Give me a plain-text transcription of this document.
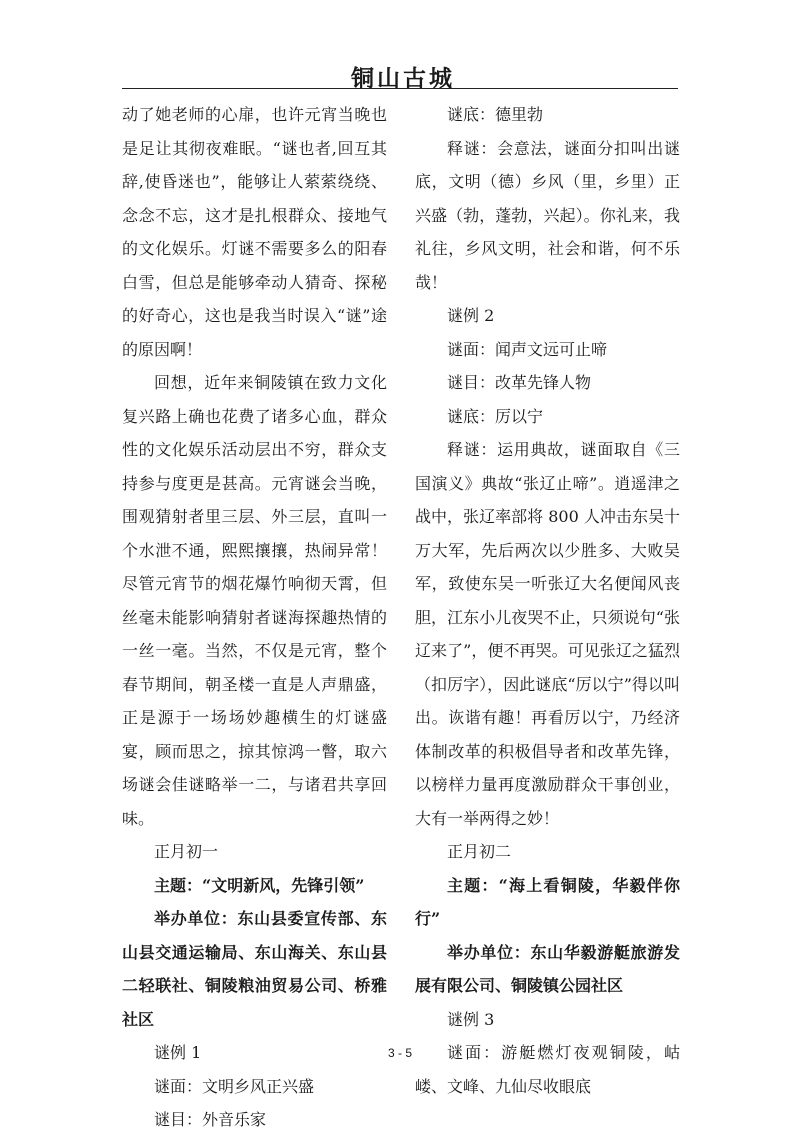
铜山古城

动了她老师的心扉，也许元宵当晚也是足让其彻夜难眠。“谜也者,回互其辞,使昏迷也”，能够让人萦萦绕绕、念念不忘，这才是扎根群众、接地气的文化娱乐。灯谜不需要多么的阳春白雪，但总是能够牵动人猜奇、探秘的好奇心，这也是我当时误入“谜”途的原因啊！

回想，近年来铜陵镇在致力文化复兴路上确也花费了诸多心血，群众性的文化娱乐活动层出不穷，群众支持参与度更是甚高。元宵谜会当晚，围观猜射者里三层、外三层，直叫一个水泄不通，熙熙攘攘，热闹异常！尽管元宵节的烟花爆竹响彻天霄，但丝毫未能影响猜射者谜海探趣热情的一丝一毫。当然，不仅是元宵，整个春节期间，朝圣楼一直是人声鼎盛，正是源于一场场妙趣横生的灯谜盛宴，顾而思之，掠其惊鸿一瞥，取六场谜会佳谜略举一二，与诸君共享回味。

正月初一

主题：“文明新风，先锋引领”

举办单位：东山县委宣传部、东山县交通运输局、东山海关、东山县二轻联社、铜陵粮油贸易公司、桥雅社区

谜例 1

谜面：文明乡风正兴盛

谜目：外音乐家

谜底：德里勃

释谜：会意法，谜面分扣叫出谜底，文明（德）乡风（里，乡里）正兴盛（勃，蓬勃，兴起）。你礼来，我礼往，乡风文明，社会和谐，何不乐哉！

谜例 2

谜面：闻声文远可止啼

谜目：改革先锋人物

谜底：厉以宁

释谜：运用典故，谜面取自《三国演义》典故“张辽止啼”。逍遥津之战中，张辽率部将 800 人冲击东吴十万大军，先后两次以少胜多、大败吴军，致使东吴一听张辽大名便闻风丧胆，江东小儿夜哭不止，只须说句“张辽来了”，便不再哭。可见张辽之猛烈（扣厉字），因此谜底“厉以宁”得以叫出。诙谐有趣！再看厉以宁，乃经济体制改革的积极倡导者和改革先锋，以榜样力量再度激励群众干事创业，大有一举两得之妙！

正月初二

主题：“海上看铜陵，华毅伴你行”

举办单位：东山华毅游艇旅游发展有限公司、铜陵镇公园社区

谜例 3

谜面：游艇燃灯夜观铜陵，岵嵝、文峰、九仙尽收眼底

3 - 5
